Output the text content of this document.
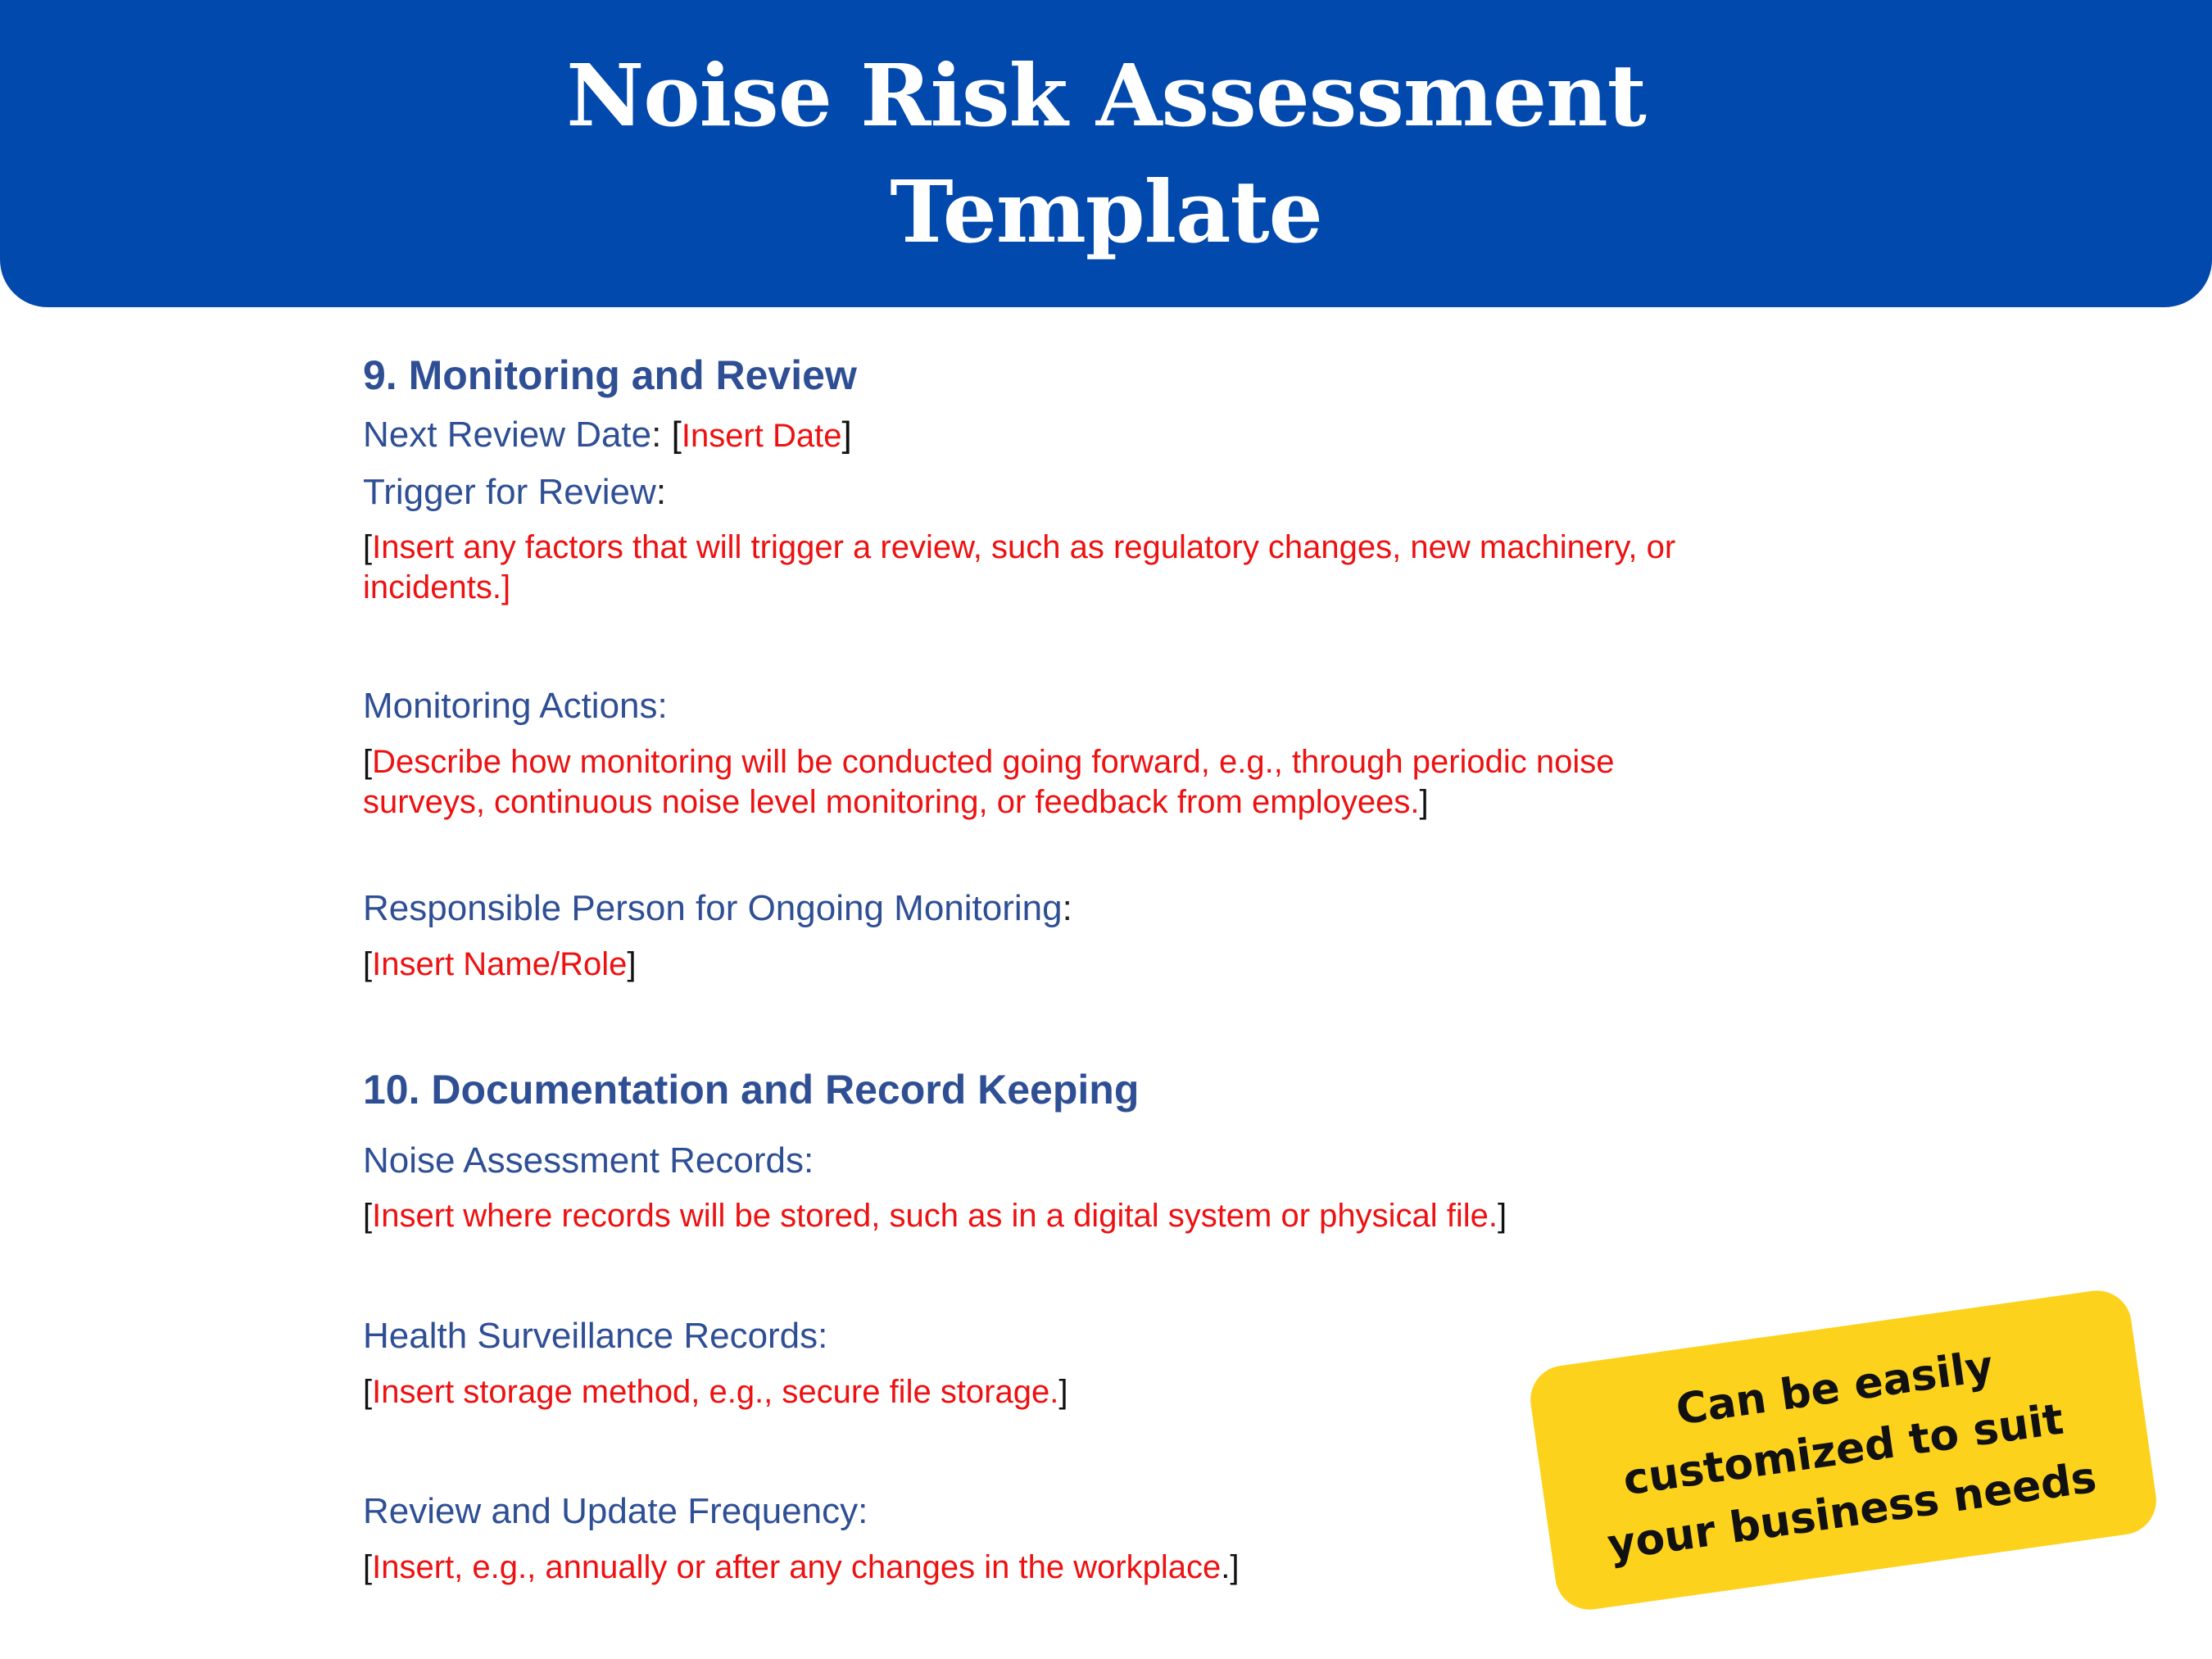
Noise Risk Assessment
Template
9. Monitoring and Review
Next Review Date: [Insert Date]
Trigger for Review:
[Insert any factors that will trigger a review, such as regulatory changes, new machinery, or
incidents.]
Monitoring Actions:
[Describe how monitoring will be conducted going forward, e.g., through periodic noise
surveys, continuous noise level monitoring, or feedback from employees.]
Responsible Person for Ongoing Monitoring:
[Insert Name/Role]
10. Documentation and Record Keeping
Noise Assessment Records:
[Insert where records will be stored, such as in a digital system or physical file.]
Health Surveillance Records:
[Insert storage method, e.g., secure file storage.]
Review and Update Frequency:
[Insert, e.g., annually or after any changes in the workplace.]
Can be easily customized to suit your business needs
